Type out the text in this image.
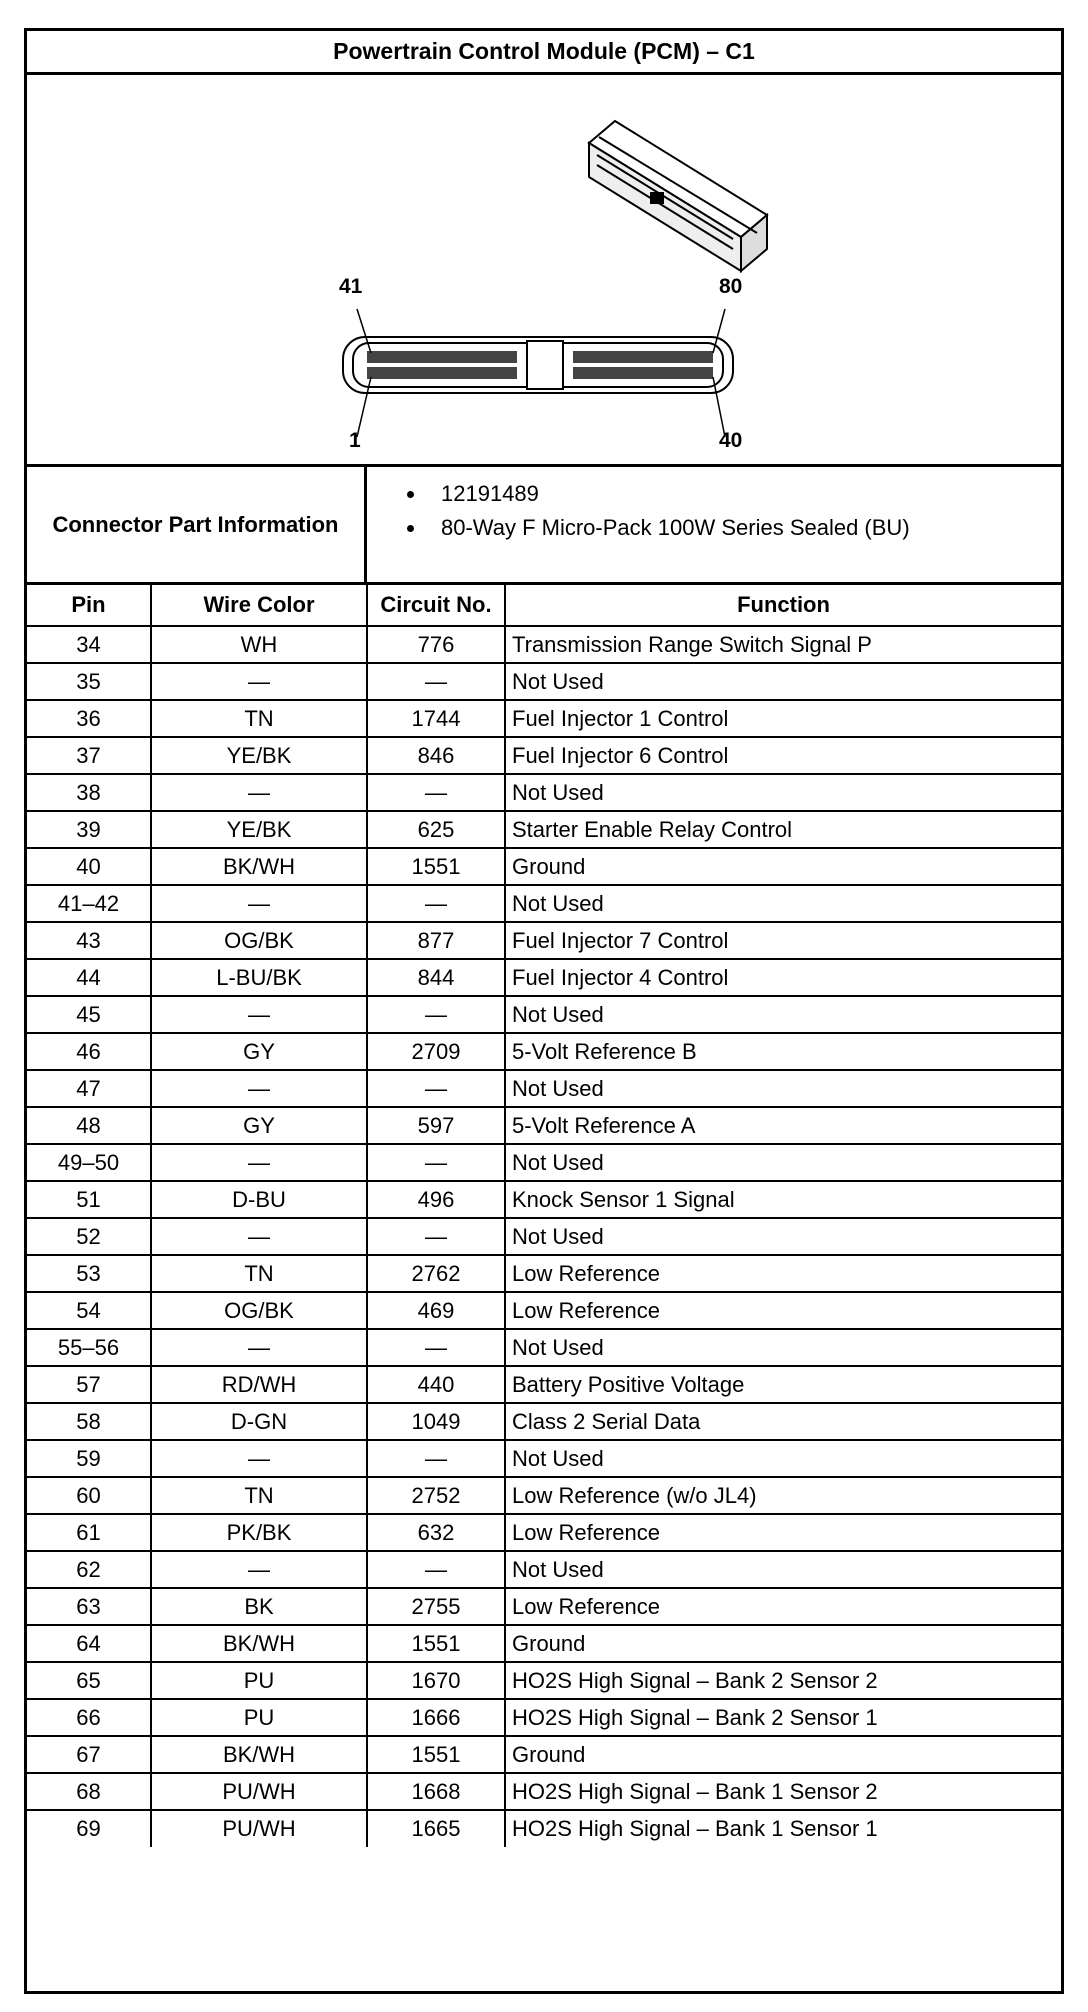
Powertrain Control Module (PCM) – C1
41	80
1	40
Connector Part Information
• 12191489
• 80-Way F Micro-Pack 100W Series Sealed (BU)
Pin	Wire Color	Circuit No.	Function
34	WH	776	Transmission Range Switch Signal P
35	—	—	Not Used
36	TN	1744	Fuel Injector 1 Control
37	YE/BK	846	Fuel Injector 6 Control
38	—	—	Not Used
39	YE/BK	625	Starter Enable Relay Control
40	BK/WH	1551	Ground
41–42	—	—	Not Used
43	OG/BK	877	Fuel Injector 7 Control
44	L-BU/BK	844	Fuel Injector 4 Control
45	—	—	Not Used
46	GY	2709	5-Volt Reference B
47	—	—	Not Used
48	GY	597	5-Volt Reference A
49–50	—	—	Not Used
51	D-BU	496	Knock Sensor 1 Signal
52	—	—	Not Used
53	TN	2762	Low Reference
54	OG/BK	469	Low Reference
55–56	—	—	Not Used
57	RD/WH	440	Battery Positive Voltage
58	D-GN	1049	Class 2 Serial Data
59	—	—	Not Used
60	TN	2752	Low Reference (w/o JL4)
61	PK/BK	632	Low Reference
62	—	—	Not Used
63	BK	2755	Low Reference
64	BK/WH	1551	Ground
65	PU	1670	HO2S High Signal – Bank 2 Sensor 2
66	PU	1666	HO2S High Signal – Bank 2 Sensor 1
67	BK/WH	1551	Ground
68	PU/WH	1668	HO2S High Signal – Bank 1 Sensor 2
69	PU/WH	1665	HO2S High Signal – Bank 1 Sensor 1
